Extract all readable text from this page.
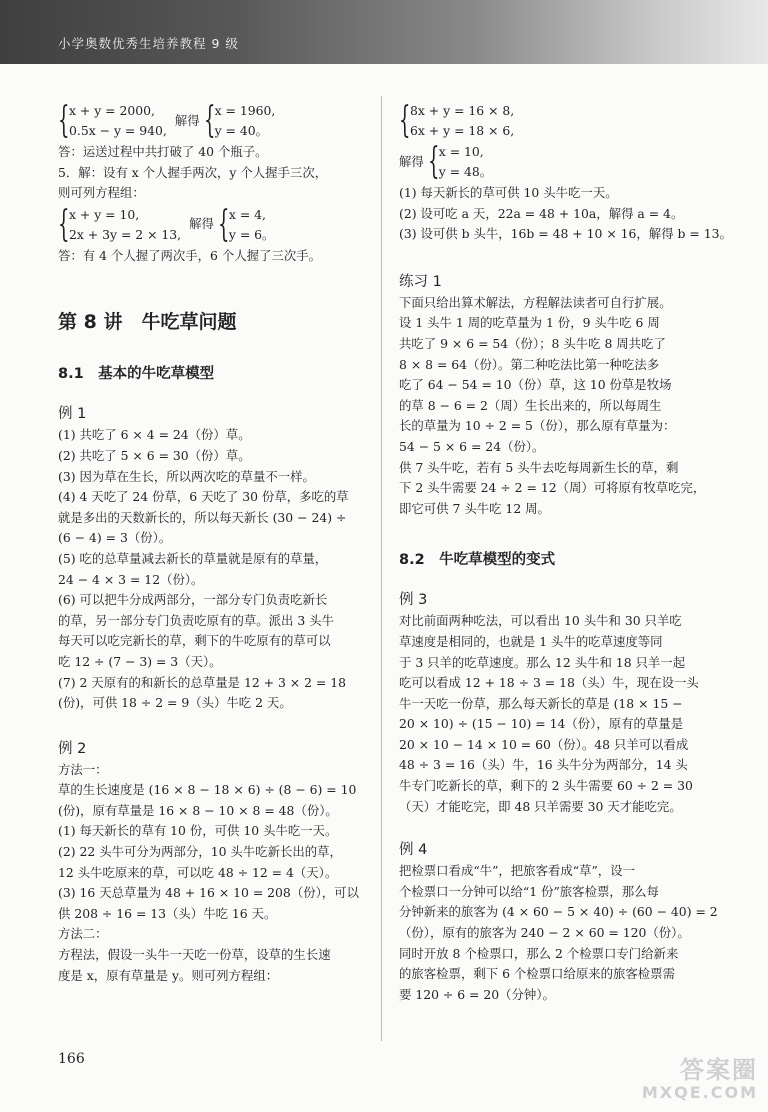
小学奥数优秀生培养教程 9 级
{ x + y = 2000,
0.5x − y = 940,
解得 { x = 1960,
y = 40。
答：运送过程中共打破了 40 个瓶子。
5．解：设有 x 个人握手两次，y 个人握手三次，
则可列方程组：
{ x + y = 10,
2x + 3y = 2 × 13,
解得 { x = 4,
y = 6。
答：有 4 个人握了两次手，6 个人握了三次手。
第 8 讲　牛吃草问题
8.1　基本的牛吃草模型
例 1
(1) 共吃了 6 × 4 = 24（份）草。
(2) 共吃了 5 × 6 = 30（份）草。
(3) 因为草在生长，所以两次吃的草量不一样。
(4) 4 天吃了 24 份草，6 天吃了 30 份草，多吃的草
就是多出的天数新长的，所以每天新长 (30 − 24) ÷
(6 − 4) = 3（份）。
(5) 吃的总草量减去新长的草量就是原有的草量，
24 − 4 × 3 = 12（份）。
(6) 可以把牛分成两部分，一部分专门负责吃新长
的草，另一部分专门负责吃原有的草。派出 3 头牛
每天可以吃完新长的草，剩下的牛吃原有的草可以
吃 12 ÷ (7 − 3) = 3（天）。
(7) 2 天原有的和新长的总草量是 12 + 3 × 2 = 18
(份)，可供 18 ÷ 2 = 9（头）牛吃 2 天。
例 2
方法一：
草的生长速度是 (16 × 8 − 18 × 6) ÷ (8 − 6) = 10
(份)，原有草量是 16 × 8 − 10 × 8 = 48（份）。
(1) 每天新长的草有 10 份，可供 10 头牛吃一天。
(2) 22 头牛可分为两部分，10 头牛吃新长出的草，
12 头牛吃原来的草，可以吃 48 ÷ 12 = 4（天）。
(3) 16 天总草量为 48 + 16 × 10 = 208（份），可以
供 208 ÷ 16 = 13（头）牛吃 16 天。
方法二：
方程法，假设一头牛一天吃一份草，设草的生长速
度是 x，原有草量是 y。则可列方程组：
{ 8x + y = 16 × 8,
6x + y = 18 × 6,
解得 { x = 10,
y = 48。
(1) 每天新长的草可供 10 头牛吃一天。
(2) 设可吃 a 天，22a = 48 + 10a，解得 a = 4。
(3) 设可供 b 头牛，16b = 48 + 10 × 16，解得 b = 13。
练习 1
下面只给出算术解法，方程解法读者可自行扩展。
设 1 头牛 1 周的吃草量为 1 份，9 头牛吃 6 周
共吃了 9 × 6 = 54（份）；8 头牛吃 8 周共吃了
8 × 8 = 64（份）。第二种吃法比第一种吃法多
吃了 64 − 54 = 10（份）草，这 10 份草是牧场
的草 8 − 6 = 2（周）生长出来的，所以每周生
长的草量为 10 ÷ 2 = 5（份），那么原有草量为：
54 − 5 × 6 = 24（份）。
供 7 头牛吃，若有 5 头牛去吃每周新生长的草，剩
下 2 头牛需要 24 ÷ 2 = 12（周）可将原有牧草吃完，
即它可供 7 头牛吃 12 周。
8.2　牛吃草模型的变式
例 3
对比前面两种吃法，可以看出 10 头牛和 30 只羊吃
草速度是相同的，也就是 1 头牛的吃草速度等同
于 3 只羊的吃草速度。那么 12 头牛和 18 只羊一起
吃可以看成 12 + 18 ÷ 3 = 18（头）牛，现在设一头
牛一天吃一份草，那么每天新长的草是 (18 × 15 −
20 × 10) ÷ (15 − 10) = 14（份），原有的草量是
20 × 10 − 14 × 10 = 60（份）。48 只羊可以看成
48 ÷ 3 = 16（头）牛，16 头牛分为两部分，14 头
牛专门吃新长的草，剩下的 2 头牛需要 60 ÷ 2 = 30
（天）才能吃完，即 48 只羊需要 30 天才能吃完。
例 4
把检票口看成“牛”，把旅客看成“草”，设一
个检票口一分钟可以给“1 份”旅客检票，那么每
分钟新来的旅客为 (4 × 60 − 5 × 40) ÷ (60 − 40) = 2
（份），原有的旅客为 240 − 2 × 60 = 120（份）。
同时开放 8 个检票口，那么 2 个检票口专门给新来
的旅客检票，剩下 6 个检票口给原来的旅客检票需
要 120 ÷ 6 = 20（分钟）。
166	答案圈
MXQE.COM
